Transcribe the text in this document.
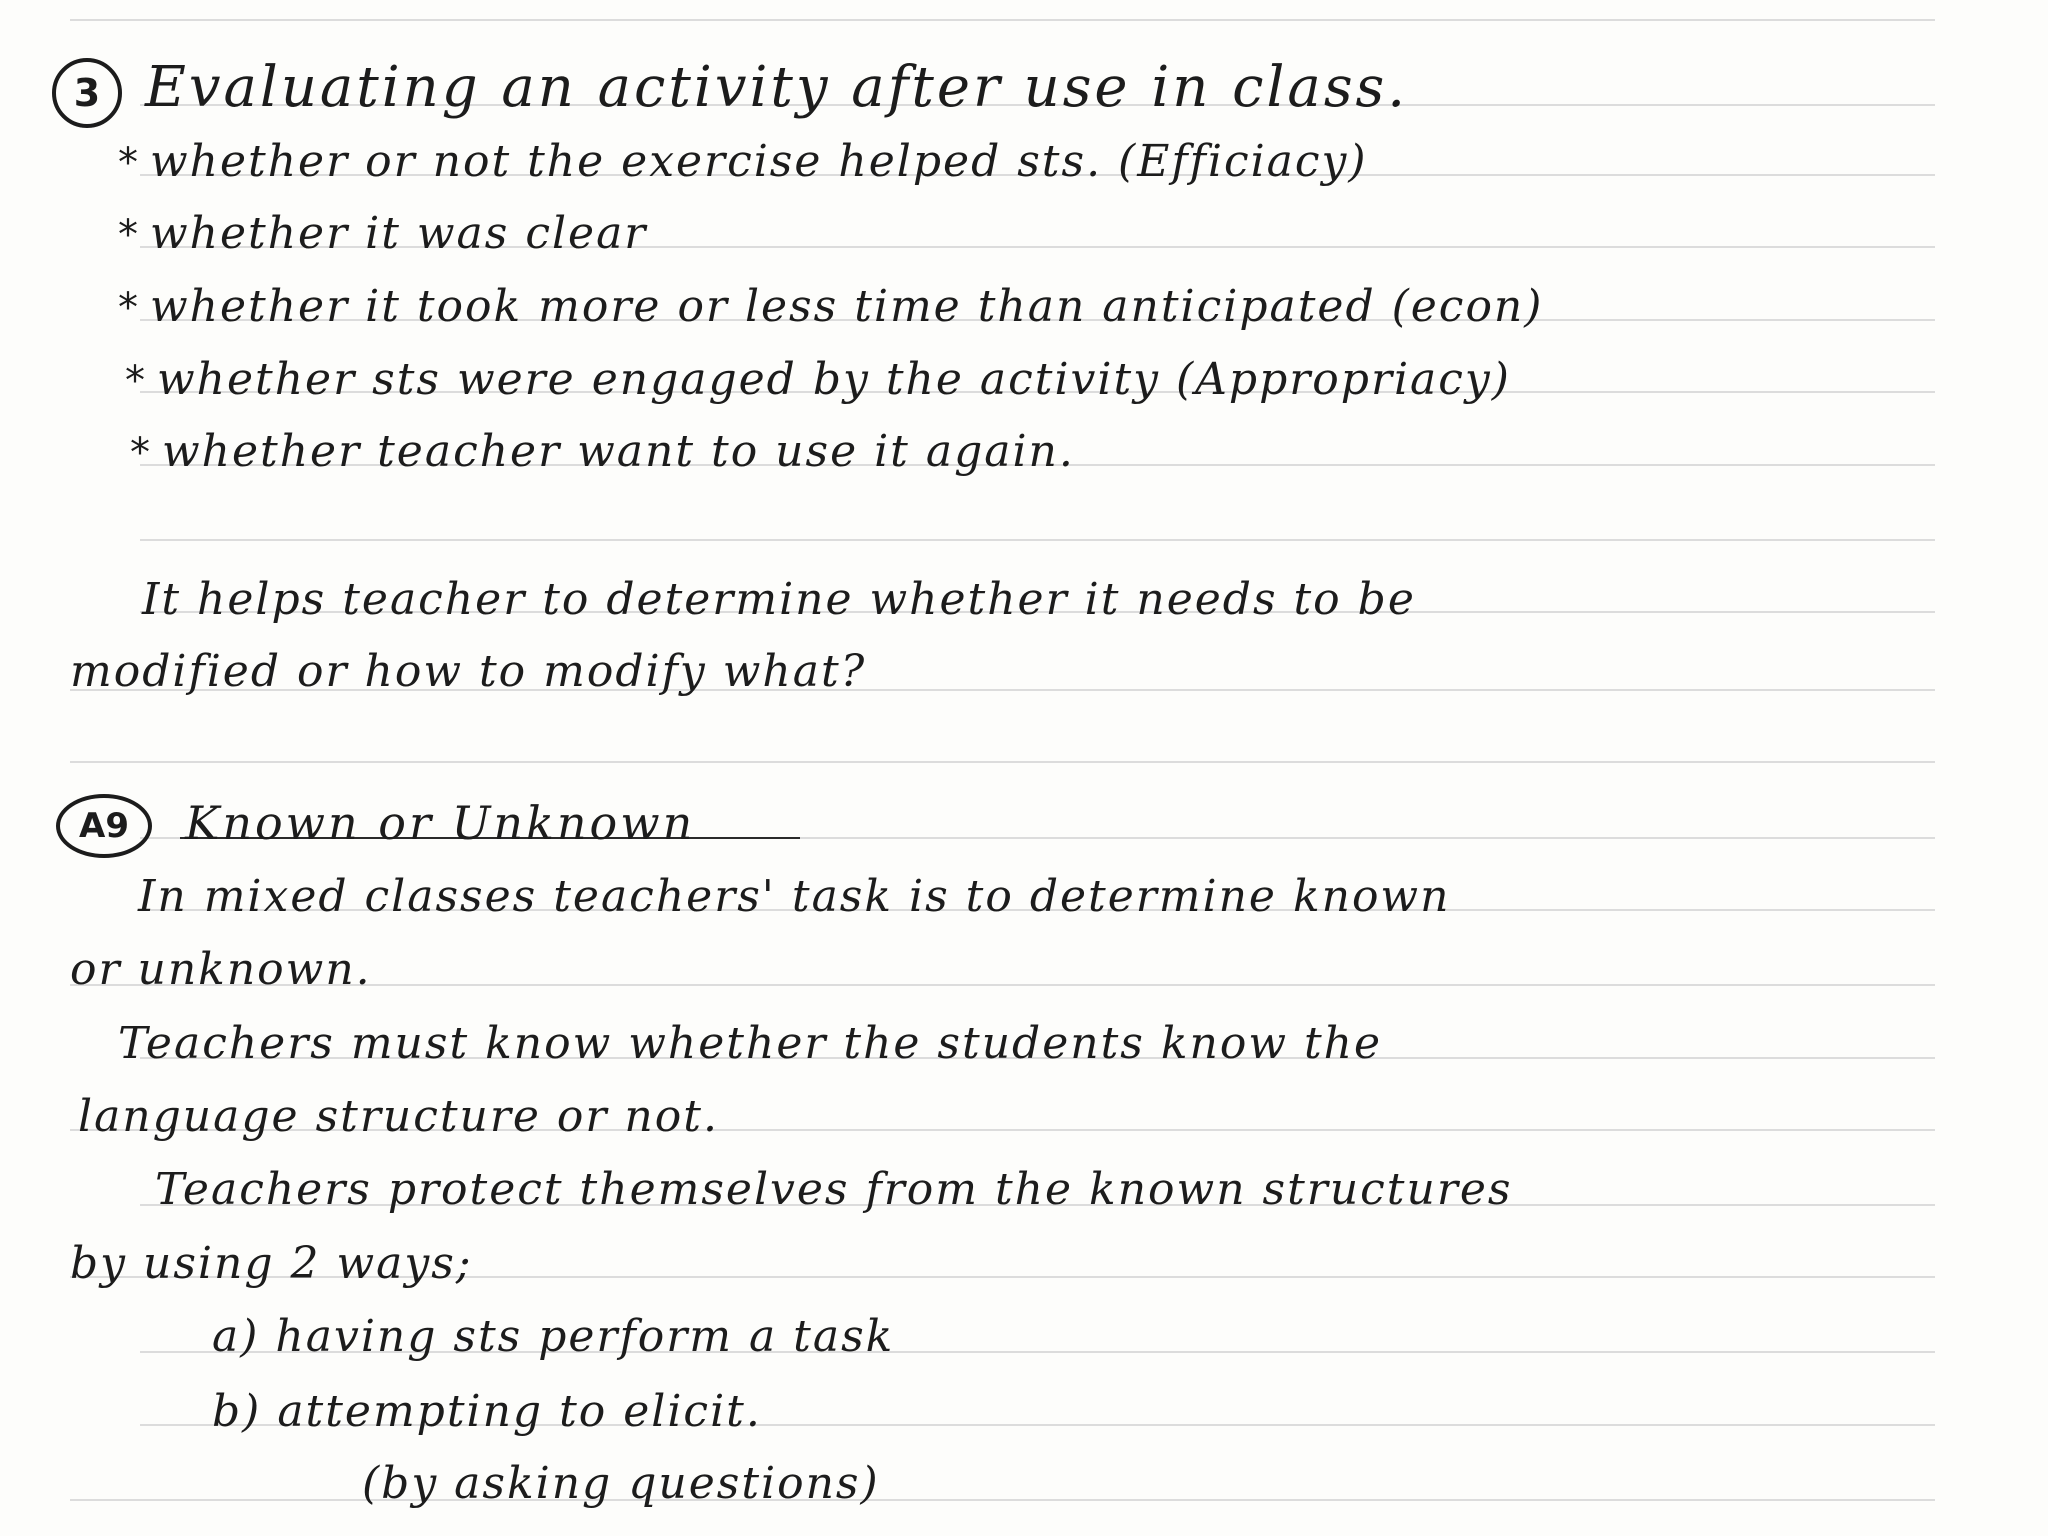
3 Evaluating an activity after use in class.
* whether or not the exercise helped sts. (Efficiacy)
* whether it was clear
* whether it took more or less time than anticipated (econ)
* whether sts were engaged by the activity (Appropriacy)
* whether teacher want to use it again.
It helps teacher to determine whether it needs to be
modified or how to modify what?
A9 Known or Unknown
In mixed classes teachers' task is to determine known
or unknown.
Teachers must know whether the students know the
language structure or not.
Teachers protect themselves from the known structures
by using 2 ways;
a) having sts perform a task
b) attempting to elicit.
(by asking questions)
